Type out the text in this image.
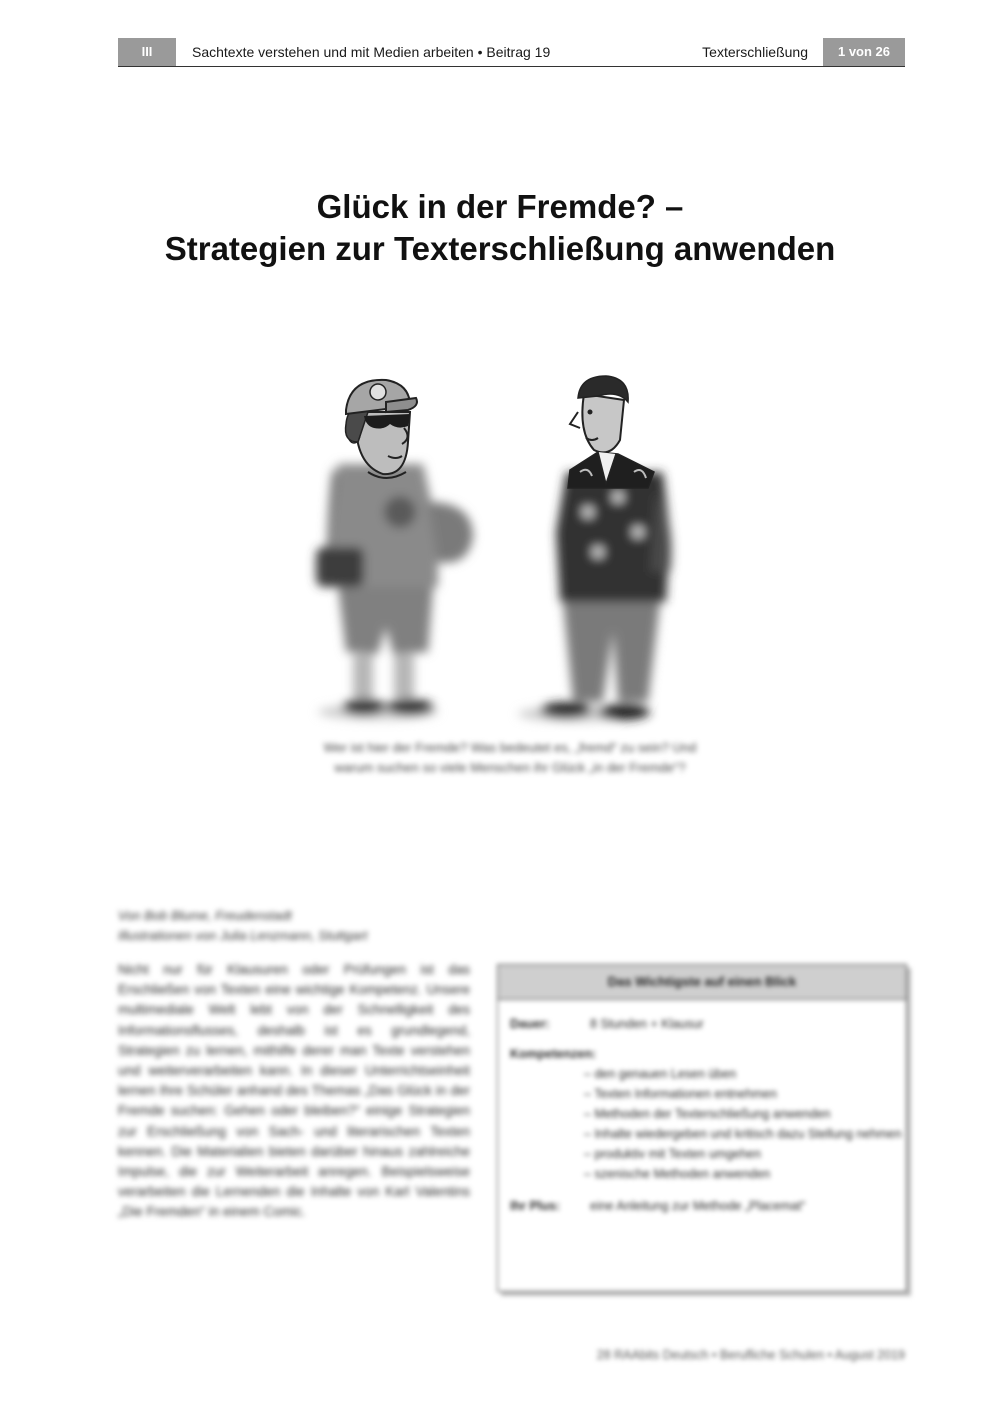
III	Sachtexte verstehen und mit Medien arbeiten • Beitrag 19	Texterschließung	1 von 26
Glück in der Fremde? –
Strategien zur Texterschließung anwenden
Wer ist hier der Fremde? Was bedeutet es, „fremd“ zu sein? Und warum suchen so viele Menschen ihr Glück „in der Fremde“?
Von Bob Blume, Freudenstadt
Illustrationen von Julia Lenzmann, Stuttgart
Nicht nur für Klausuren oder Prüfungen ist das Erschließen von Texten eine wichtige Kompetenz. Unsere multimediale Welt lebt von der Schnelligkeit des Informationsflusses, deshalb ist es grundlegend, Strategien zu lernen, mithilfe derer man Texte verstehen und weiterverarbeiten kann. In dieser Unterrichtseinheit lernen Ihre Schüler anhand des Themas „Das Glück in der Fremde suchen: Gehen oder bleiben?“ einige Strategien zur Erschließung von Sach- und literarischen Texten kennen. Die Materialien bieten darüber hinaus zahlreiche Impulse, die zur Weiterarbeit anregen. Beispielsweise verarbeiten die Lernenden die Inhalte von Karl Valentins „Die Fremden“ in einem Comic.
Das Wichtigste auf einen Blick
Dauer:	8 Stunden + Klausur
Kompetenzen:
– den genauen Lesen üben
– Texten Informationen entnehmen
– Methoden der Texterschließung anwenden
– Inhalte wiedergeben und kritisch dazu Stellung nehmen
– produktiv mit Texten umgehen
– szenische Methoden anwenden
Ihr Plus: eine Anleitung zur Methode „Placemat“
28 RAAbits Deutsch • Berufliche Schulen • August 2019
